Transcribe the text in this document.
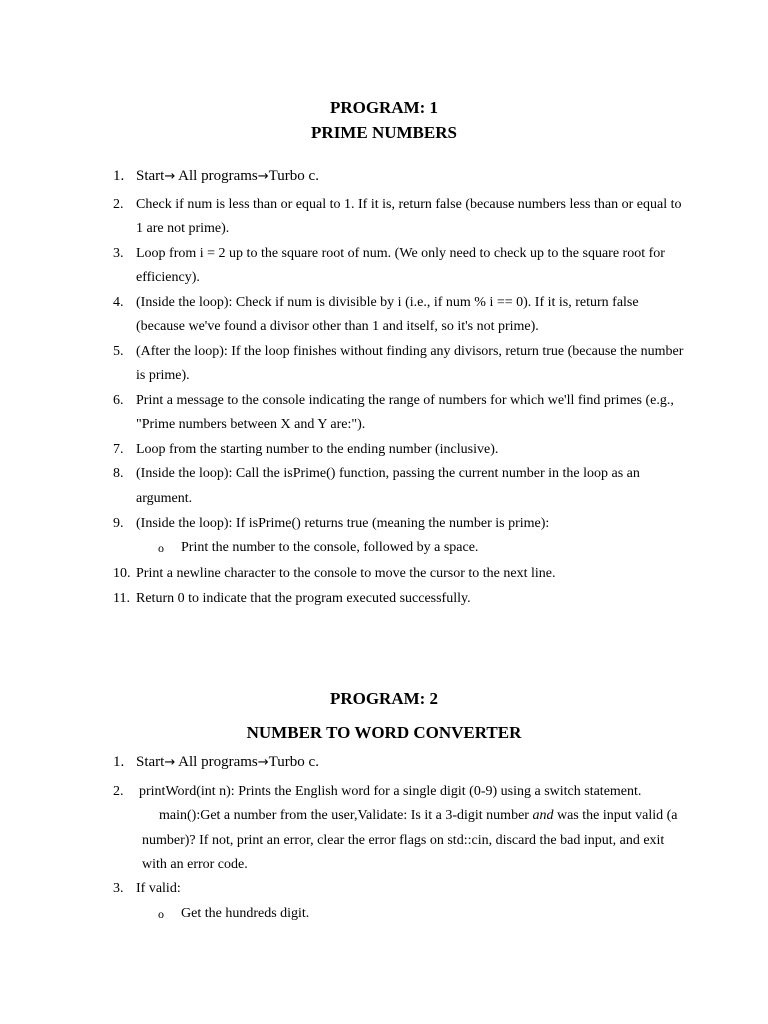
PROGRAM: 1
PRIME NUMBERS
1. Start→ All programs→Turbo c.
2. Check if num is less than or equal to 1. If it is, return false (because numbers less than or equal to
1 are not prime).
3. Loop from i = 2 up to the square root of num. (We only need to check up to the square root for
efficiency).
4. (Inside the loop): Check if num is divisible by i (i.e., if num % i == 0). If it is, return false
(because we've found a divisor other than 1 and itself, so it's not prime).
5. (After the loop): If the loop finishes without finding any divisors, return true (because the number
is prime).
6. Print a message to the console indicating the range of numbers for which we'll find primes (e.g.,
"Prime numbers between X and Y are:").
7. Loop from the starting number to the ending number (inclusive).
8. (Inside the loop): Call the isPrime() function, passing the current number in the loop as an
argument.
9. (Inside the loop): If isPrime() returns true (meaning the number is prime):
o Print the number to the console, followed by a space.
10. Print a newline character to the console to move the cursor to the next line.
11. Return 0 to indicate that the program executed successfully.
PROGRAM: 2
NUMBER TO WORD CONVERTER
1. Start→ All programs→Turbo c.
2. printWord(int n): Prints the English word for a single digit (0-9) using a switch statement.
main():Get a number from the user,Validate: Is it a 3-digit number and was the input valid (a
number)? If not, print an error, clear the error flags on std::cin, discard the bad input, and exit
with an error code.
3. If valid:
o Get the hundreds digit.
